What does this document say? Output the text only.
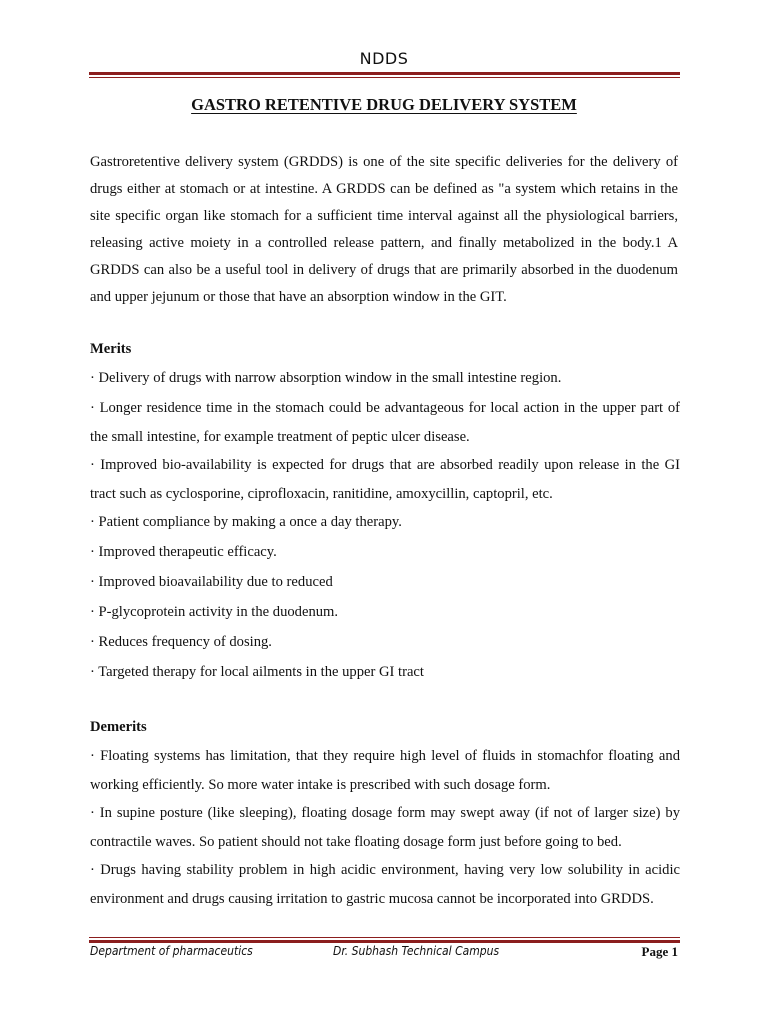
NDDS
GASTRO RETENTIVE DRUG DELIVERY SYSTEM
Gastroretentive delivery system (GRDDS) is one of the site specific deliveries for the delivery of drugs either at stomach or at intestine. A GRDDS can be defined as "a system which retains in the site specific organ like stomach for a sufficient time interval against all the physiological barriers, releasing active moiety in a controlled release pattern, and finally metabolized in the body.1 A GRDDS can also be a useful tool in delivery of drugs that are primarily absorbed in the duodenum and upper jejunum or those that have an absorption window in the GIT.
Merits
· Delivery of drugs with narrow absorption window in the small intestine region.
· Longer residence time in the stomach could be advantageous for local action in the upper part of the small intestine, for example treatment of peptic ulcer disease.
· Improved bio-availability is expected for drugs that are absorbed readily upon release in the GI tract such as cyclosporine, ciprofloxacin, ranitidine, amoxycillin, captopril, etc.
· Patient compliance by making a once a day therapy.
· Improved therapeutic efficacy.
· Improved bioavailability due to reduced
· P-glycoprotein activity in the duodenum.
· Reduces frequency of dosing.
· Targeted therapy for local ailments in the upper GI tract
Demerits
· Floating systems has limitation, that they require high level of fluids in stomachfor floating and working efficiently. So more water intake is prescribed with such dosage form.
· In supine posture (like sleeping), floating dosage form may swept away (if not of larger size) by contractile waves. So patient should not take floating dosage form just before going to bed.
· Drugs having stability problem in high acidic environment, having very low solubility in acidic environment and drugs causing irritation to gastric mucosa cannot be incorporated into GRDDS.
Department of pharmaceutics	Dr. Subhash Technical Campus	Page 1
